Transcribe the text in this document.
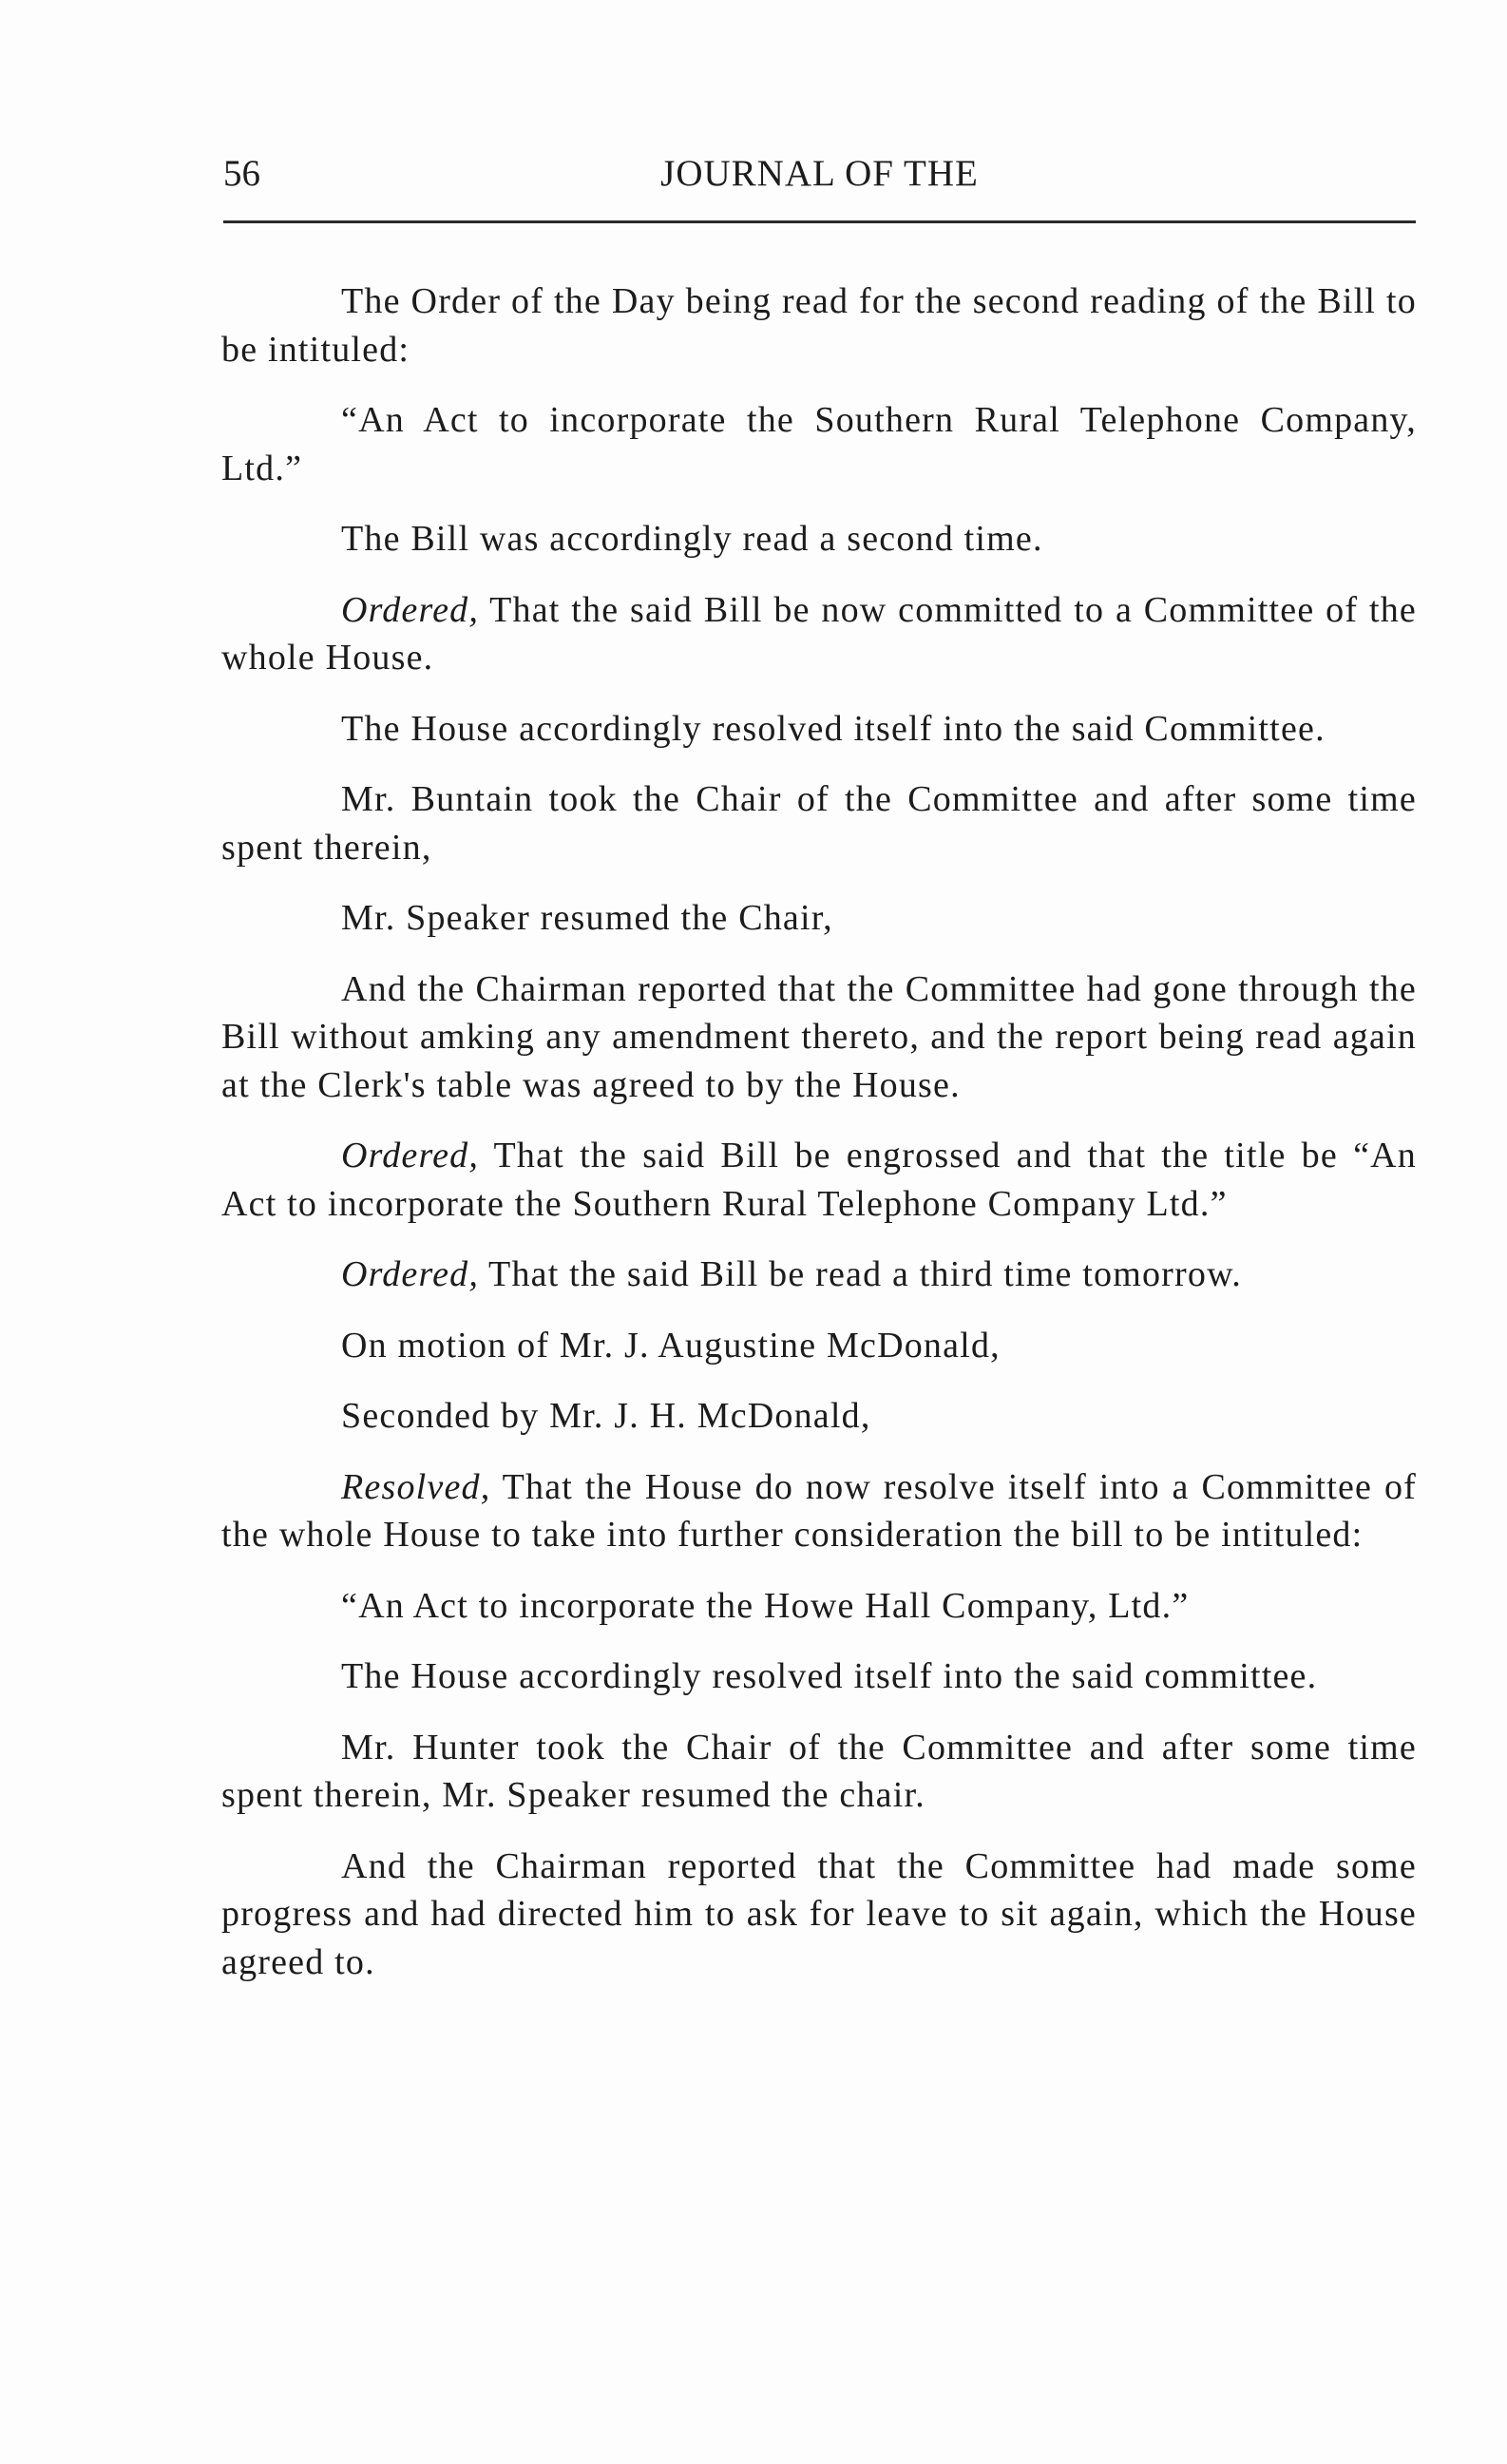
56	JOURNAL OF THE

The Order of the Day being read for the second reading of the Bill to be intituled:

“An Act to incorporate the Southern Rural Telephone Company, Ltd.”

The Bill was accordingly read a second time.

Ordered, That the said Bill be now committed to a Committee of the whole House.

The House accordingly resolved itself into the said Committee.

Mr. Buntain took the Chair of the Committee and after some time spent therein,

Mr. Speaker resumed the Chair,

And the Chairman reported that the Committee had gone through the Bill without amking any amendment thereto, and the report being read again at the Clerk's table was agreed to by the House.

Ordered, That the said Bill be engrossed and that the title be “An Act to incorporate the Southern Rural Telephone Company Ltd.”

Ordered, That the said Bill be read a third time tomorrow.

On motion of Mr. J. Augustine McDonald,

Seconded by Mr. J. H. McDonald,

Resolved, That the House do now resolve itself into a Committee of the whole House to take into further consideration the bill to be intituled:

“An Act to incorporate the Howe Hall Company, Ltd.”

The House accordingly resolved itself into the said committee.

Mr. Hunter took the Chair of the Committee and after some time spent therein, Mr. Speaker resumed the chair.

And the Chairman reported that the Committee had made some progress and had directed him to ask for leave to sit again, which the House agreed to.
